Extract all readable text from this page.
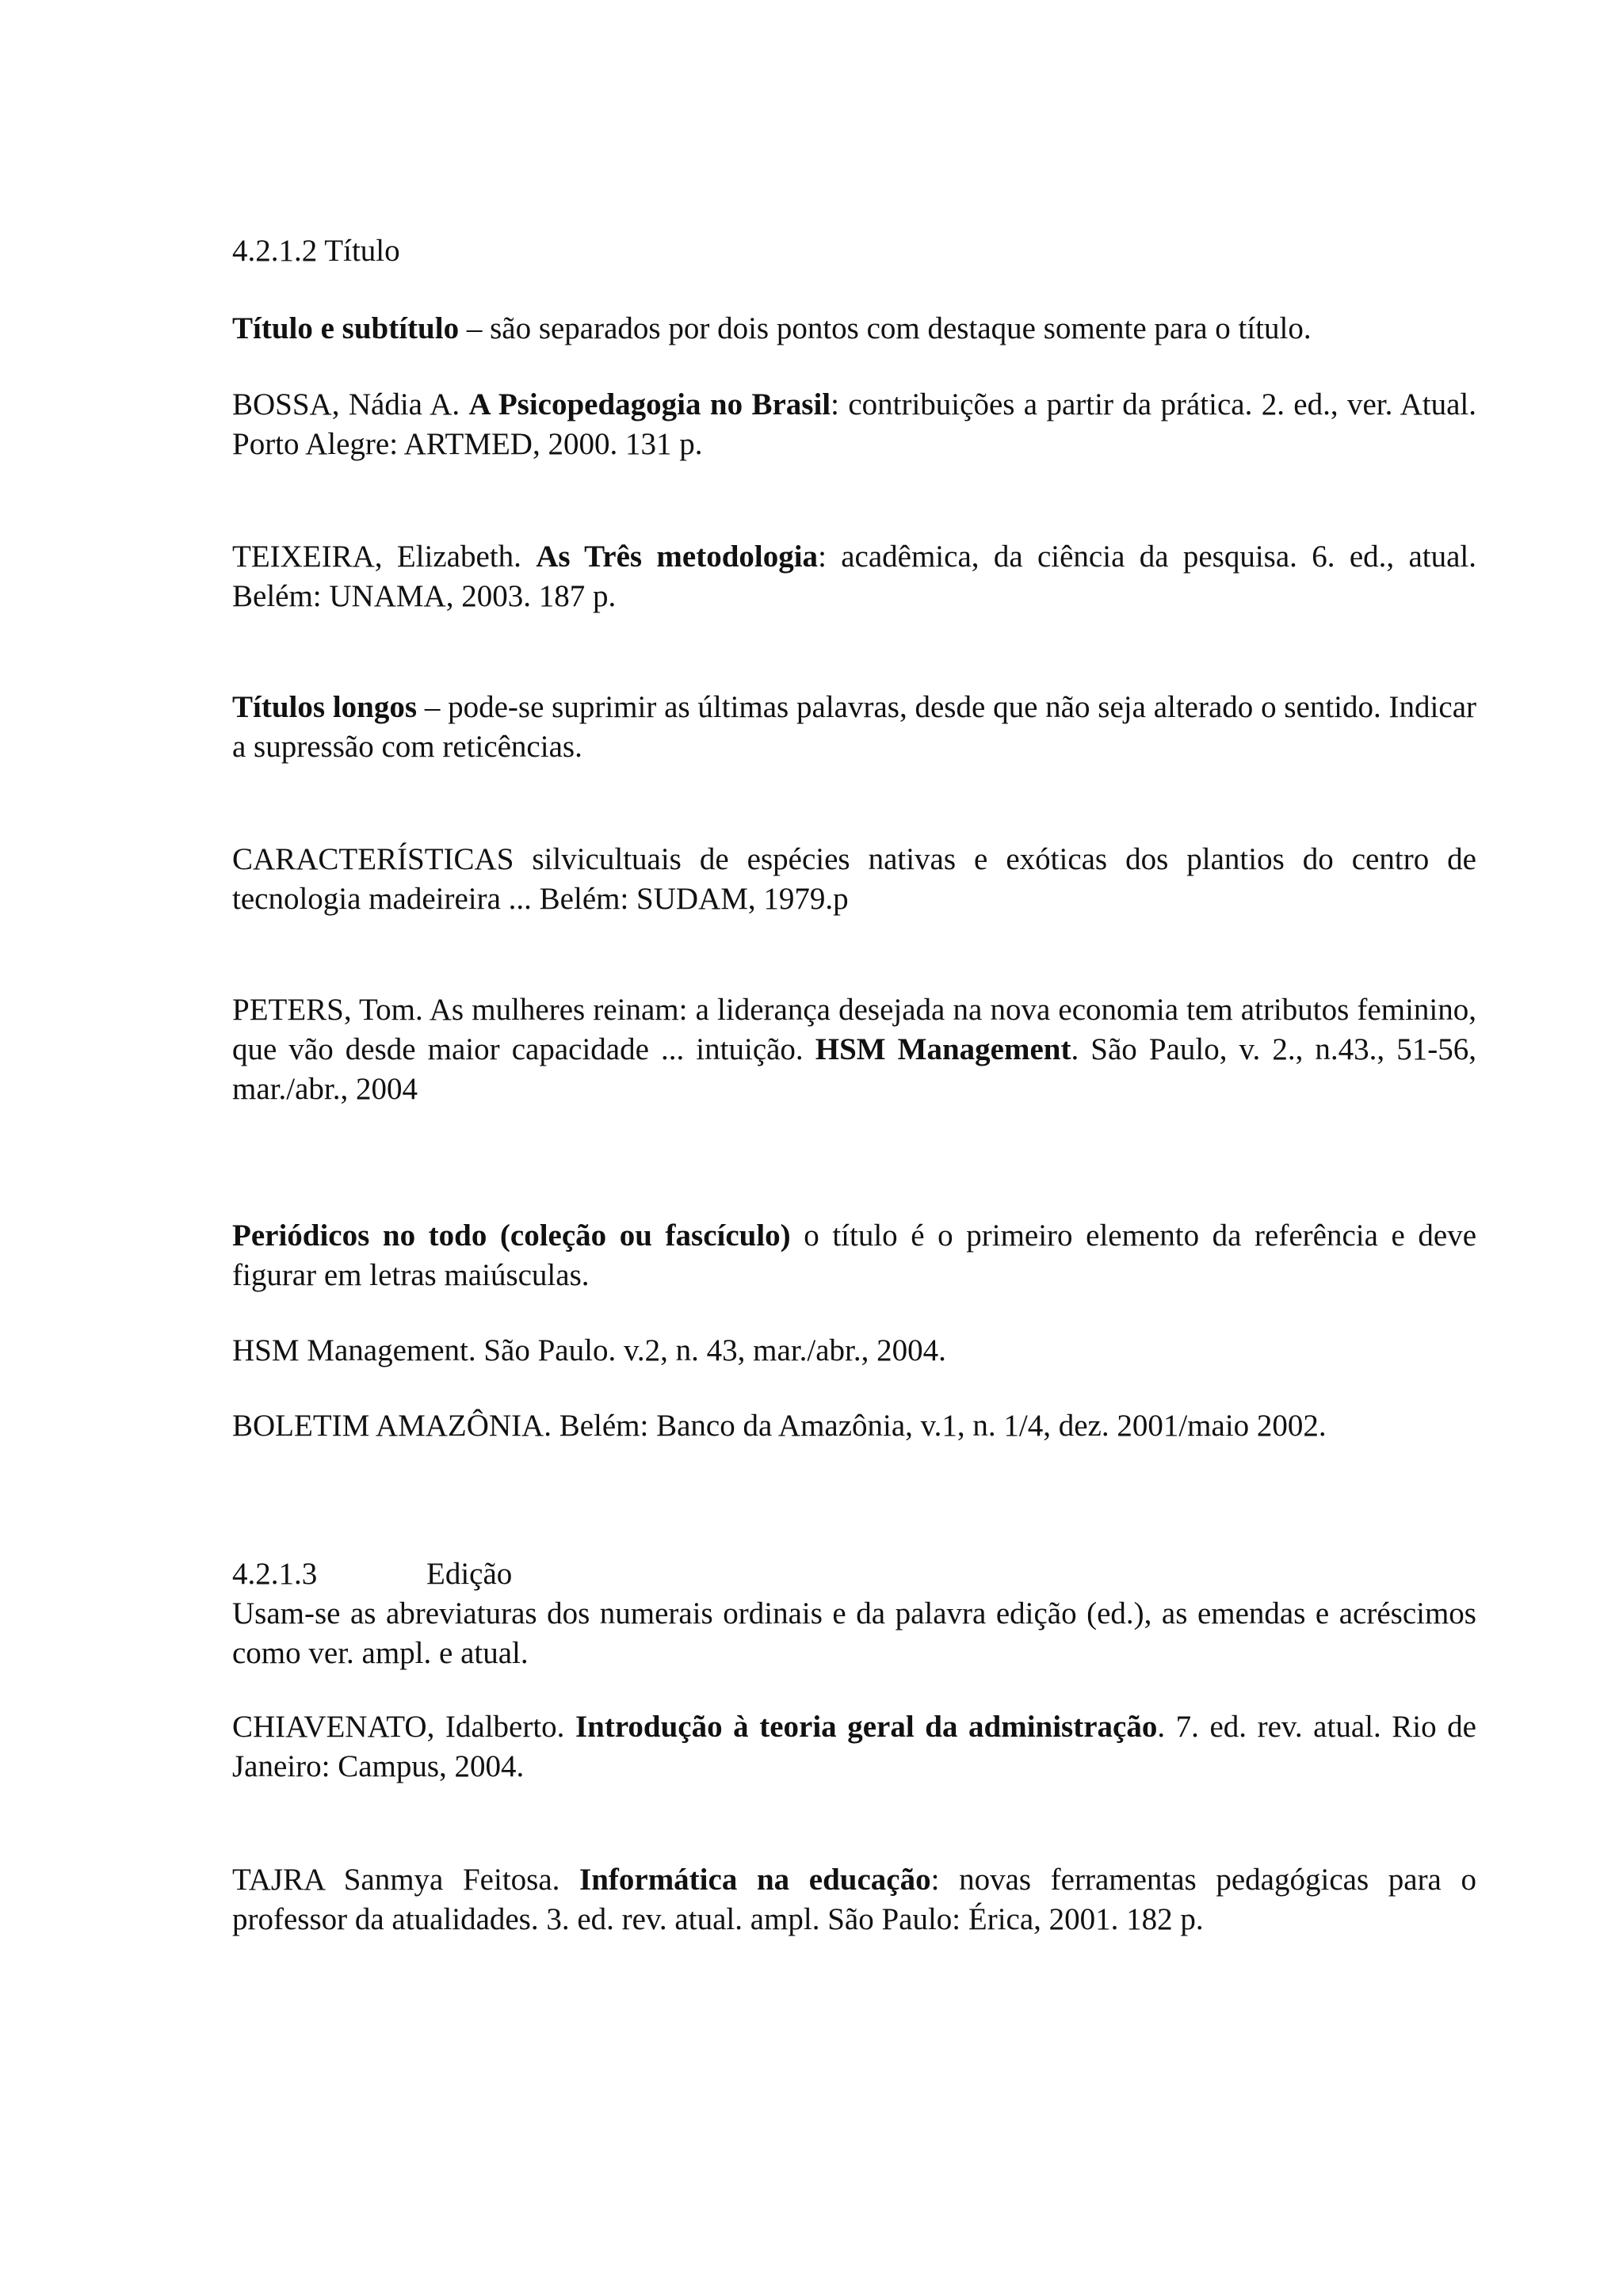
4.2.1.2 Título

Título e subtítulo – são separados por dois pontos com destaque somente para o título.

BOSSA, Nádia A. A Psicopedagogia no Brasil: contribuições a partir da prática. 2. ed., ver. Atual. Porto Alegre: ARTMED, 2000. 131 p.

TEIXEIRA, Elizabeth. As Três metodologia: acadêmica, da ciência da pesquisa. 6. ed., atual. Belém: UNAMA, 2003. 187 p.

Títulos longos – pode-se suprimir as últimas palavras, desde que não seja alterado o sentido. Indicar a supressão com reticências.

CARACTERÍSTICAS silvicultuais de espécies nativas e exóticas dos plantios do centro de tecnologia madeireira ... Belém: SUDAM, 1979.p

PETERS, Tom. As mulheres reinam: a liderança desejada na nova economia tem atributos feminino, que vão desde maior capacidade ... intuição. HSM Management. São Paulo, v. 2., n.43., 51-56, mar./abr., 2004

Periódicos no todo (coleção ou fascículo) o título é o primeiro elemento da referência e deve figurar em letras maiúsculas.

HSM Management. São Paulo. v.2, n. 43, mar./abr., 2004.

BOLETIM AMAZÔNIA. Belém: Banco da Amazônia, v.1, n. 1/4, dez. 2001/maio 2002.

4.2.1.3	Edição

Usam-se as abreviaturas dos numerais ordinais e da palavra edição (ed.), as emendas e acréscimos como ver. ampl. e atual.

CHIAVENATO, Idalberto. Introdução à teoria geral da administração. 7. ed. rev. atual. Rio de Janeiro: Campus, 2004.

TAJRA Sanmya Feitosa. Informática na educação: novas ferramentas pedagógicas para o professor da atualidades. 3. ed. rev. atual. ampl. São Paulo: Érica, 2001. 182 p.
